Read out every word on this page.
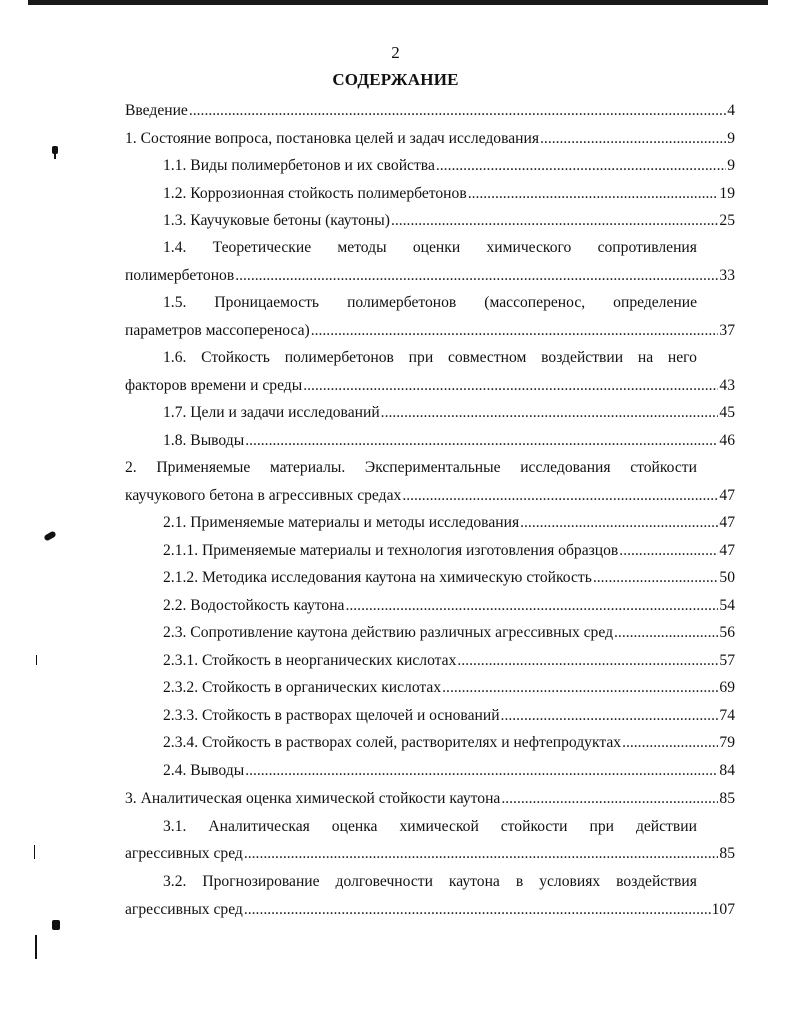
2
СОДЕРЖАНИЕ
Введение .....	4
1. Состояние вопроса, постановка целей и задач исследования .....	9
1.1. Виды полимербетонов и их свойства .....	9
1.2. Коррозионная стойкость полимербетонов .....	19
1.3. Каучуковые бетоны (каутоны) .....	25
1.4. Теоретические методы оценки химического сопротивления
полимербетонов .....	33
1.5. Проницаемость полимербетонов (массоперенос, определение
параметров массопереноса) .....	37
1.6. Стойкость полимербетонов при совместном воздействии на него
факторов времени и среды .....	43
1.7. Цели и задачи исследований .....	45
1.8. Выводы .....	46
2. Применяемые материалы. Экспериментальные исследования стойкости
каучукового бетона в агрессивных средах .....	47
2.1. Применяемые материалы и методы исследования .....	47
2.1.1. Применяемые материалы и технология изготовления образцов .....	47
2.1.2. Методика исследования каутона на химическую стойкость .....	50
2.2. Водостойкость каутона .....	54
2.3. Сопротивление каутона действию различных агрессивных сред .....	56
2.3.1. Стойкость в неорганических кислотах .....	57
2.3.2. Стойкость в органических кислотах .....	69
2.3.3. Стойкость в растворах щелочей и оснований .....	74
2.3.4. Стойкость в растворах солей, растворителях и нефтепродуктах .....	79
2.4. Выводы .....	84
3. Аналитическая оценка химической стойкости каутона .....	85
3.1. Аналитическая оценка химической стойкости при действии
агрессивных сред .....	85
3.2. Прогнозирование долговечности каутона в условиях воздействия
агрессивных сред .....	107
